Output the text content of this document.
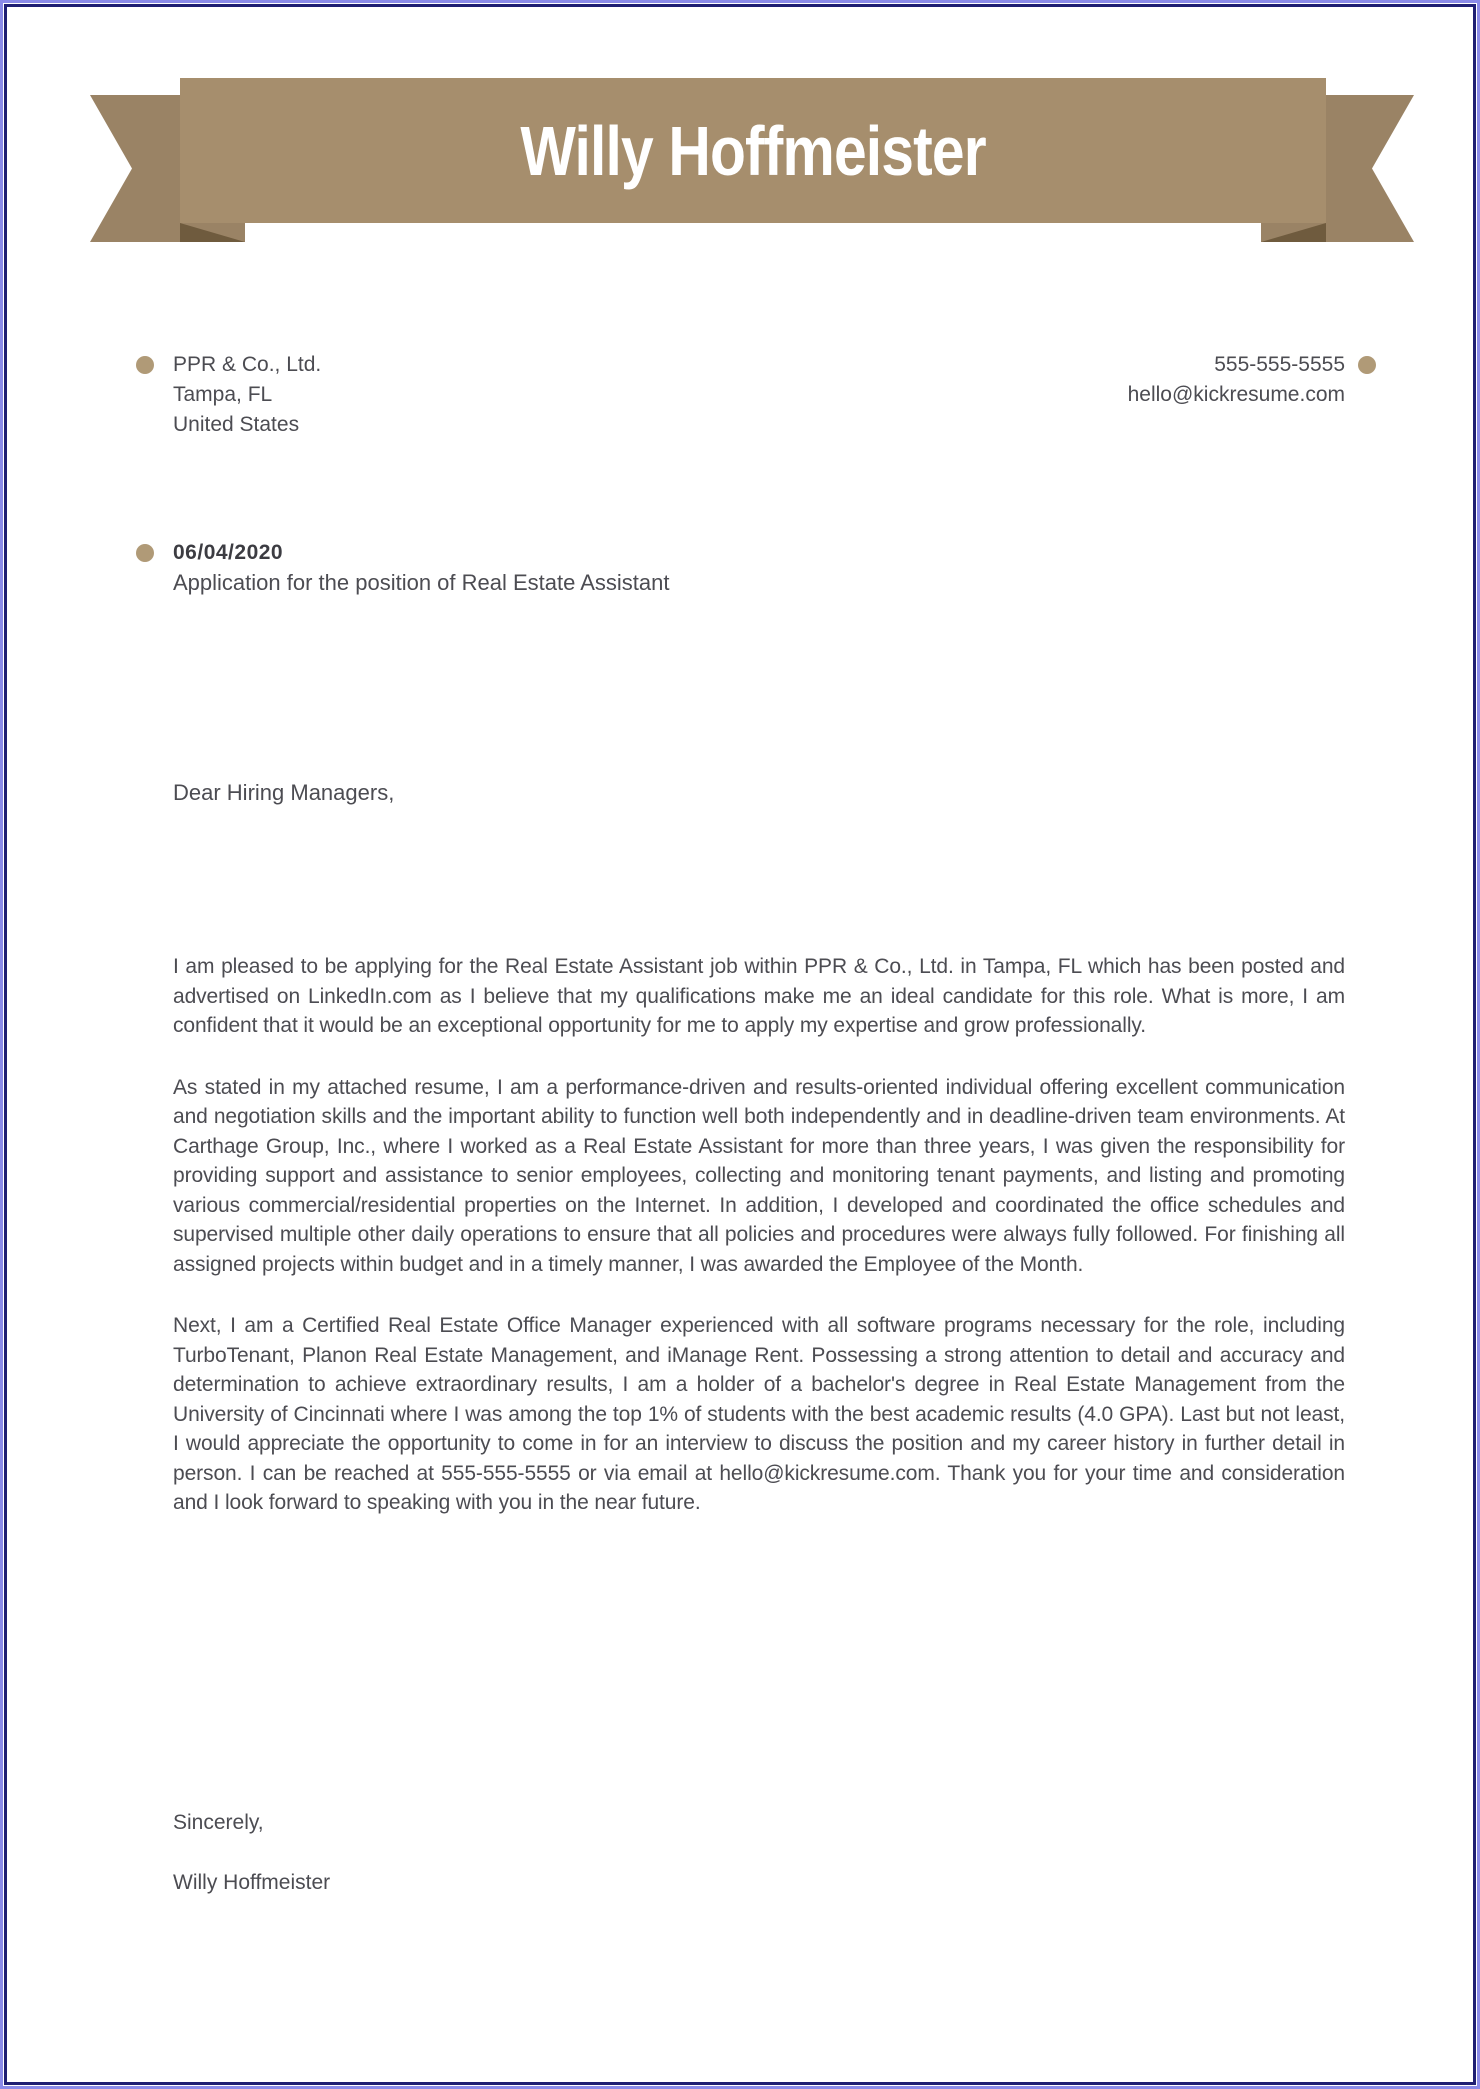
Willy Hoffmeister
PPR & Co., Ltd.
Tampa, FL
United States
555-555-5555
hello@kickresume.com
06/04/2020
Application for the position of Real Estate Assistant
Dear Hiring Managers,

I am pleased to be applying for the Real Estate Assistant job within PPR & Co., Ltd. in Tampa, FL which has been posted and advertised on LinkedIn.com as I believe that my qualifications make me an ideal candidate for this role. What is more, I am confident that it would be an exceptional opportunity for me to apply my expertise and grow professionally.

As stated in my attached resume, I am a performance-driven and results-oriented individual offering excellent communication and negotiation skills and the important ability to function well both independently and in deadline-driven team environments. At Carthage Group, Inc., where I worked as a Real Estate Assistant for more than three years, I was given the responsibility for providing support and assistance to senior employees, collecting and monitoring tenant payments, and listing and promoting various commercial/residential properties on the Internet. In addition, I developed and coordinated the office schedules and supervised multiple other daily operations to ensure that all policies and procedures were always fully followed. For finishing all assigned projects within budget and in a timely manner, I was awarded the Employee of the Month.

Next, I am a Certified Real Estate Office Manager experienced with all software programs necessary for the role, including TurboTenant, Planon Real Estate Management, and iManage Rent. Possessing a strong attention to detail and accuracy and determination to achieve extraordinary results, I am a holder of a bachelor's degree in Real Estate Management from the University of Cincinnati where I was among the top 1% of students with the best academic results (4.0 GPA). Last but not least, I would appreciate the opportunity to come in for an interview to discuss the position and my career history in further detail in person. I can be reached at 555-555-5555 or via email at hello@kickresume.com. Thank you for your time and consideration and I look forward to speaking with you in the near future.

Sincerely,
Willy Hoffmeister
